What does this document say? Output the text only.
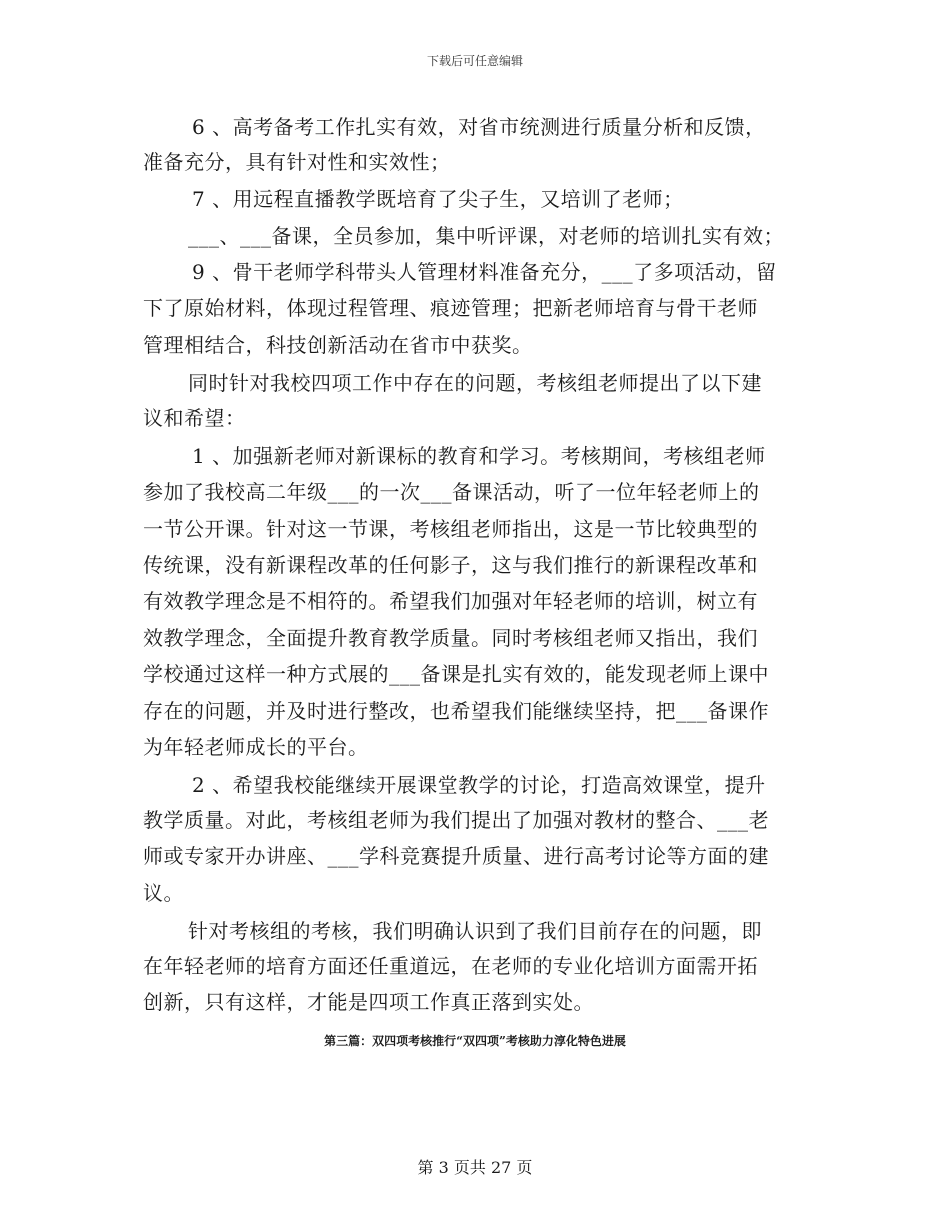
下载后可任意编辑
6 、高考备考工作扎实有效，对省市统测进行质量分析和反馈，
准备充分，具有针对性和实效性；
7 、用远程直播教学既培育了尖子生，又培训了老师；
___、___备课，全员参加，集中听评课，对老师的培训扎实有效；
9 、骨干老师学科带头人管理材料准备充分，___了多项活动，留
下了原始材料，体现过程管理、痕迹管理；把新老师培育与骨干老师
管理相结合，科技创新活动在省市中获奖。
同时针对我校四项工作中存在的问题，考核组老师提出了以下建
议和希望：
1 、加强新老师对新课标的教育和学习。考核期间，考核组老师
参加了我校高二年级___的一次___备课活动，听了一位年轻老师上的
一节公开课。针对这一节课，考核组老师指出，这是一节比较典型的
传统课，没有新课程改革的任何影子，这与我们推行的新课程改革和
有效教学理念是不相符的。希望我们加强对年轻老师的培训，树立有
效教学理念，全面提升教育教学质量。同时考核组老师又指出，我们
学校通过这样一种方式展的___备课是扎实有效的，能发现老师上课中
存在的问题，并及时进行整改，也希望我们能继续坚持，把___备课作
为年轻老师成长的平台。
2 、希望我校能继续开展课堂教学的讨论，打造高效课堂，提升
教学质量。对此，考核组老师为我们提出了加强对教材的整合、___老
师或专家开办讲座、___学科竞赛提升质量、进行高考讨论等方面的建
议。
针对考核组的考核，我们明确认识到了我们目前存在的问题，即
在年轻老师的培育方面还任重道远，在老师的专业化培训方面需开拓
创新，只有这样，才能是四项工作真正落到实处。
第三篇：双四项考核推行“双四项”考核助力淳化特色进展
第 3 页共 27 页
